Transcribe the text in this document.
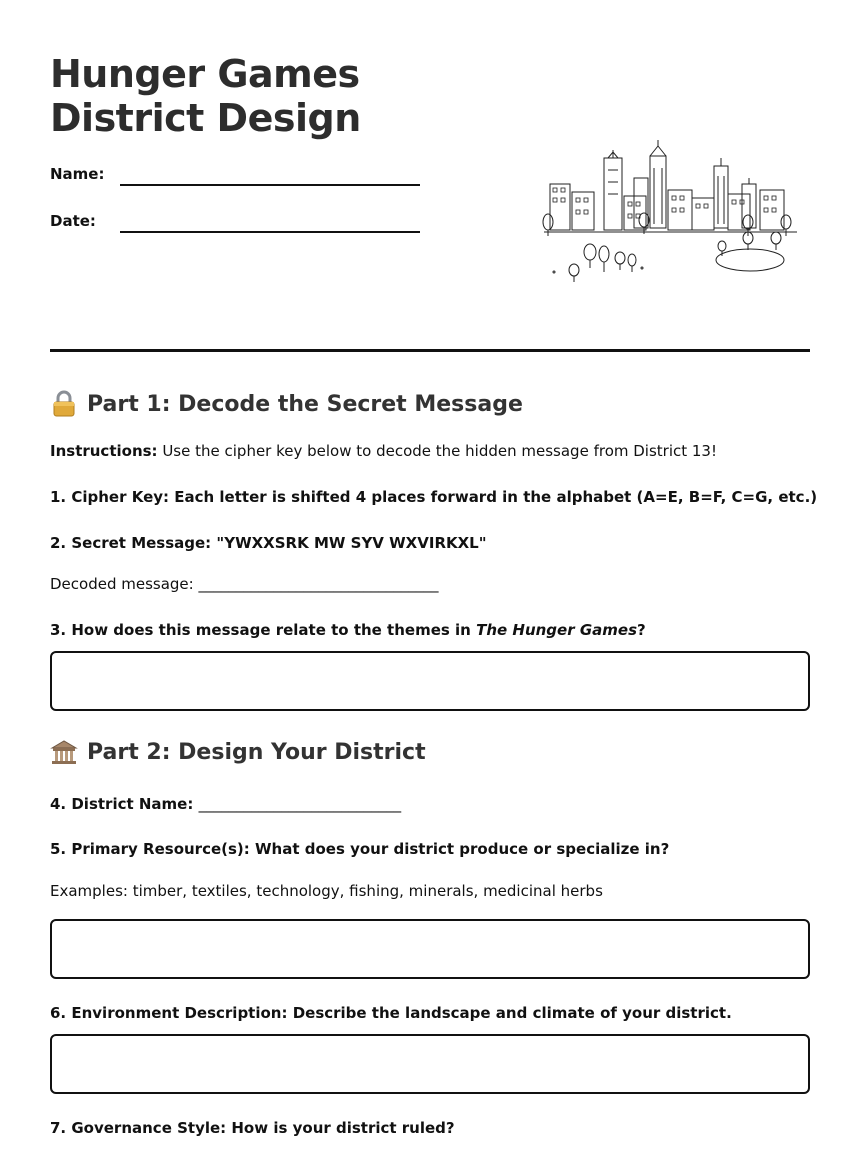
Hunger Games District Design
Name:
Date:
Part 1: Decode the Secret Message
Instructions: Use the cipher key below to decode the hidden message from District 13!
1. Cipher Key: Each letter is shifted 4 places forward in the alphabet (A=E, B=F, C=G, etc.)
2. Secret Message: "YWXXSRK MW SYV WXVIRKXL"
Decoded message: ________________________________
3. How does this message relate to the themes in The Hunger Games?
Part 2: Design Your District
4. District Name: ___________________________
5. Primary Resource(s): What does your district produce or specialize in?
Examples: timber, textiles, technology, fishing, minerals, medicinal herbs
6. Environment Description: Describe the landscape and climate of your district.
7. Governance Style: How is your district ruled?
